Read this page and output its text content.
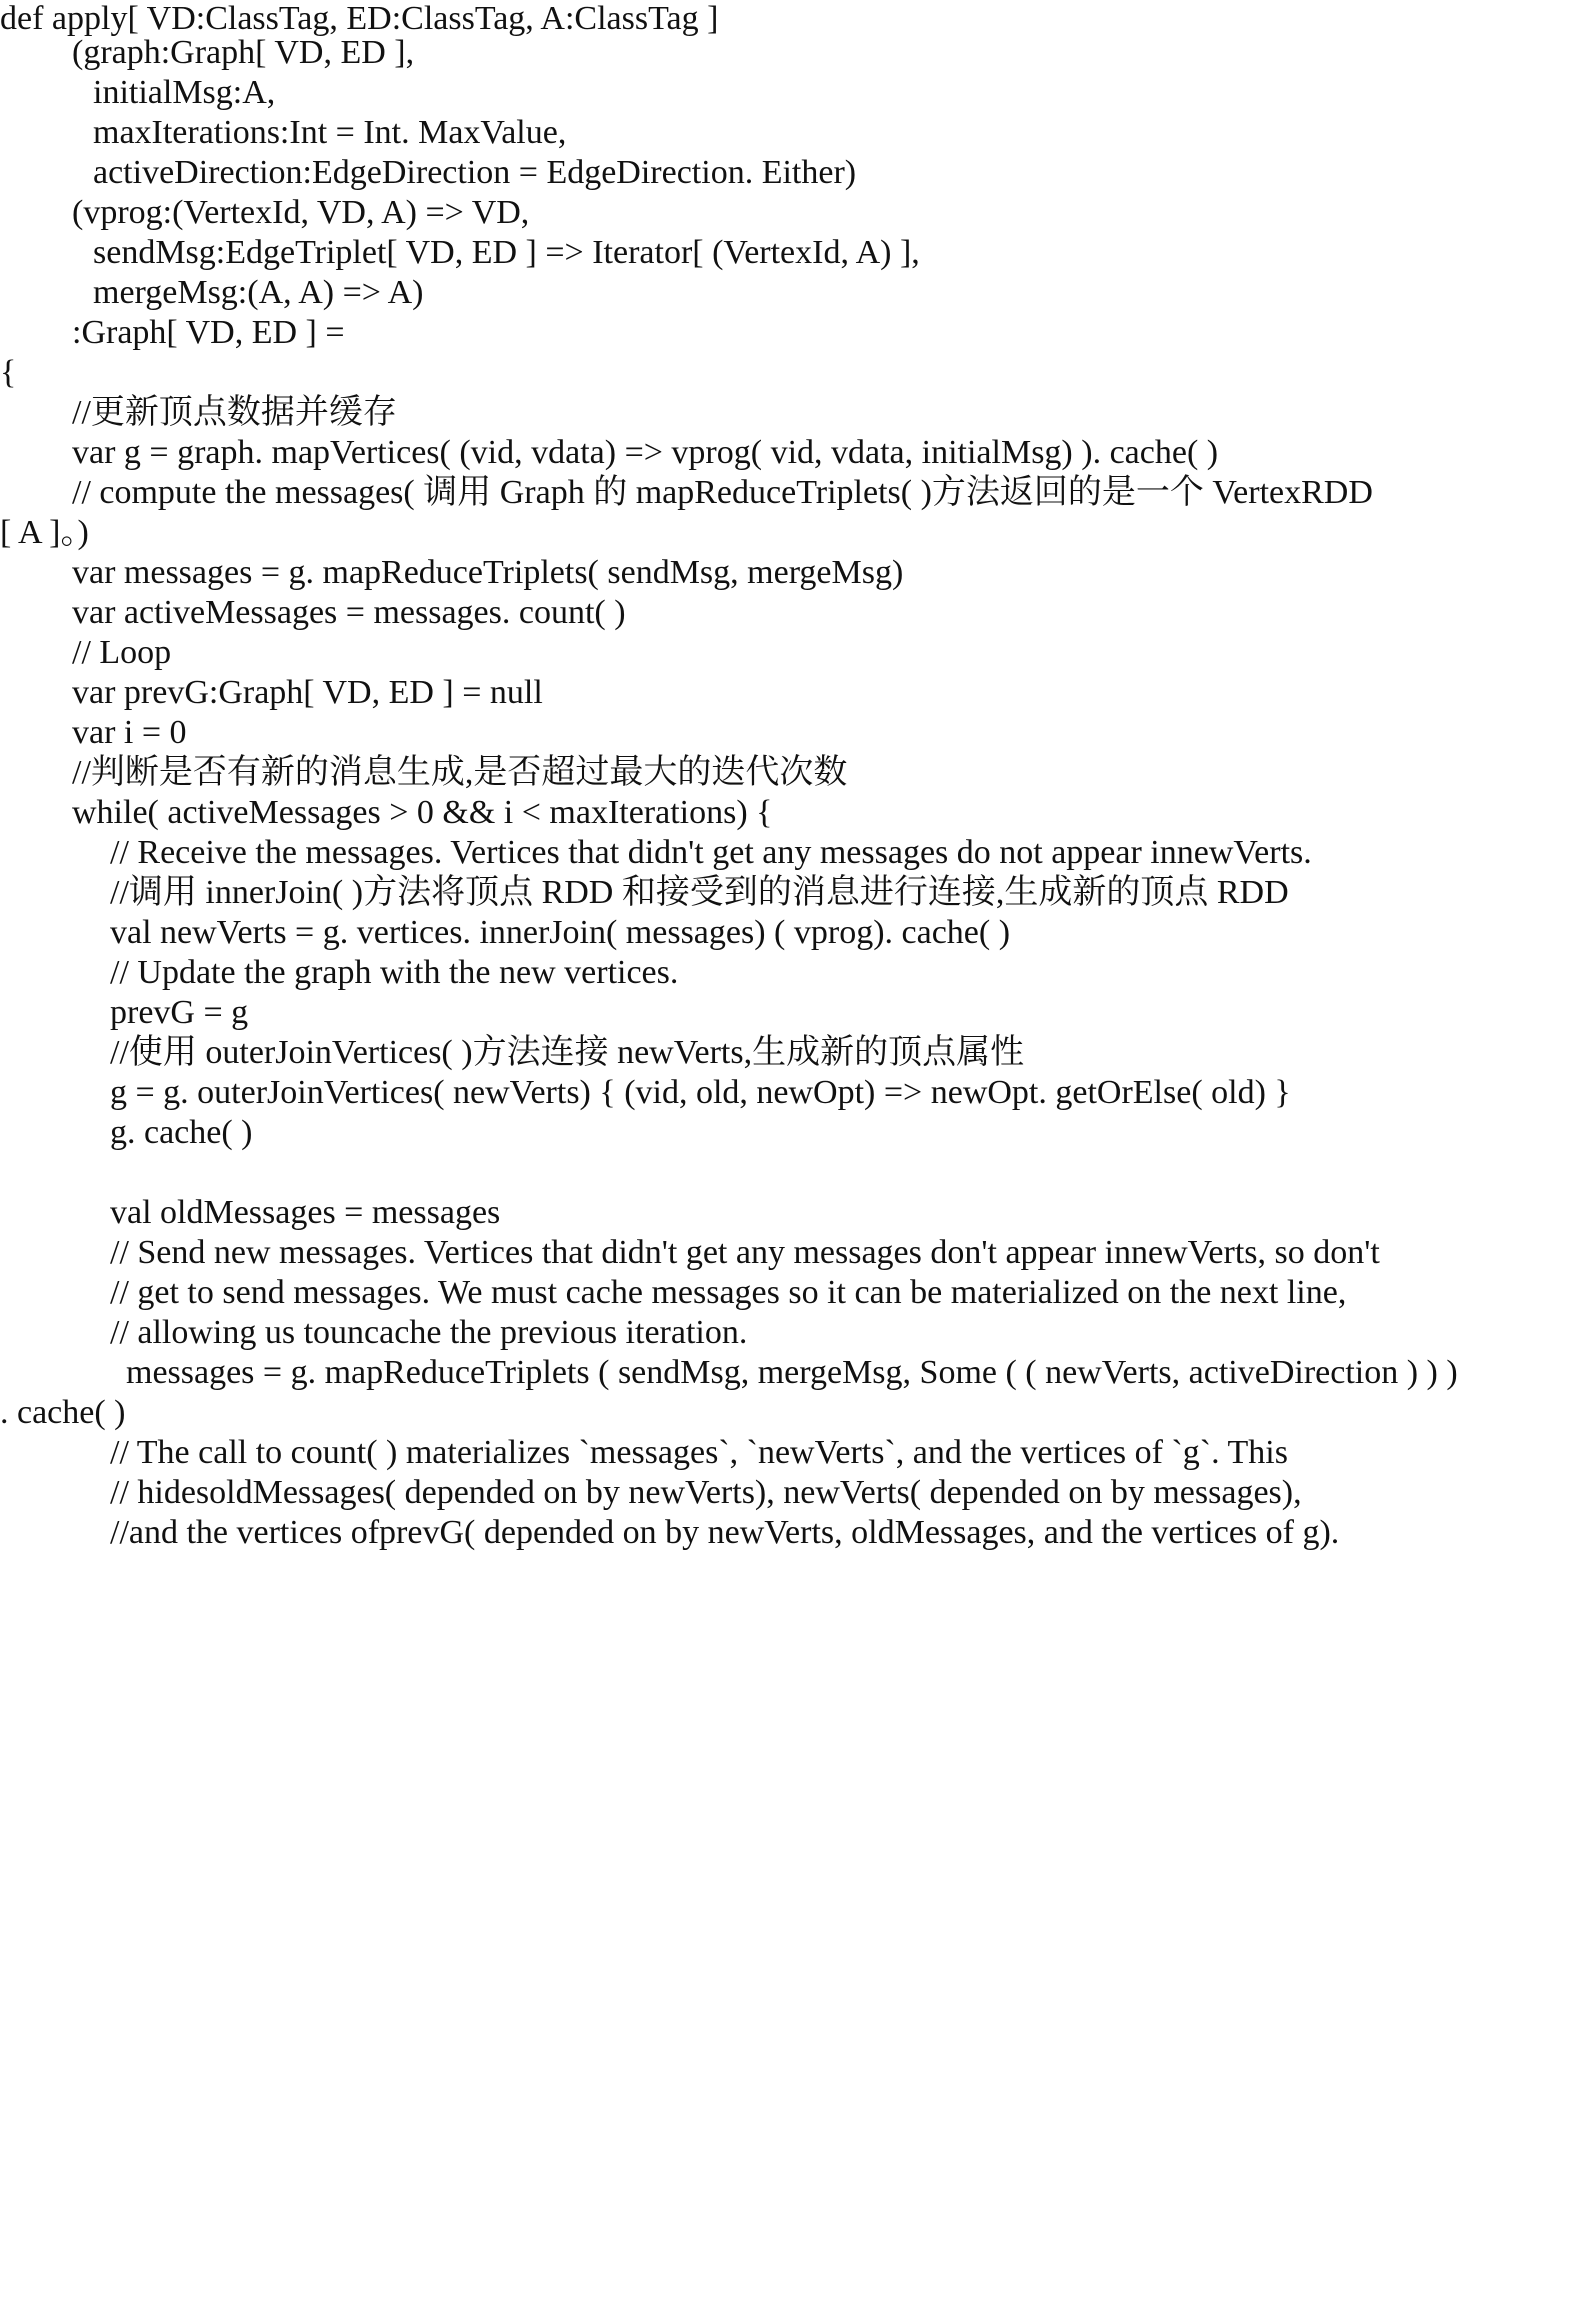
def apply[ VD:ClassTag, ED:ClassTag, A:ClassTag ]
(graph:Graph[ VD, ED ],
initialMsg:A,
maxIterations:Int = Int. MaxValue,
activeDirection:EdgeDirection = EdgeDirection. Either)
(vprog:(VertexId, VD, A) => VD,
sendMsg:EdgeTriplet[ VD, ED ] => Iterator[ (VertexId, A) ],
mergeMsg:(A, A) => A)
:Graph[ VD, ED ] =
{
//更新顶点数据并缓存
var g = graph. mapVertices( (vid, vdata) => vprog( vid, vdata, initialMsg) ). cache( )
// compute the messages( 调用 Graph 的 mapReduceTriplets( )方法返回的是一个 VertexRDD
[ A ]。)
var messages = g. mapReduceTriplets( sendMsg, mergeMsg)
var activeMessages = messages. count( )
// Loop
var prevG:Graph[ VD, ED ] = null
var i = 0
//判断是否有新的消息生成,是否超过最大的迭代次数
while( activeMessages > 0 && i < maxIterations) {
// Receive the messages. Vertices that didn't get any messages do not appear innewVerts.
//调用 innerJoin( )方法将顶点 RDD 和接受到的消息进行连接,生成新的顶点 RDD
val newVerts = g. vertices. innerJoin( messages) ( vprog). cache( )
// Update the graph with the new vertices.
prevG = g
//使用 outerJoinVertices( )方法连接 newVerts,生成新的顶点属性
g = g. outerJoinVertices( newVerts) { (vid, old, newOpt) => newOpt. getOrElse( old) }
g. cache( )
val oldMessages = messages
// Send new messages. Vertices that didn't get any messages don't appear innewVerts, so don't
// get to send messages. We must cache messages so it can be materialized on the next line,
// allowing us touncache the previous iteration.
messages = g. mapReduceTriplets ( sendMsg, mergeMsg, Some ( ( newVerts, activeDirection ) ) )
. cache( )
// The call to count( ) materializes `messages`, `newVerts`, and the vertices of `g`. This
// hidesoldMessages( depended on by newVerts), newVerts( depended on by messages),
//and the vertices ofprevG( depended on by newVerts, oldMessages, and the vertices of g).
